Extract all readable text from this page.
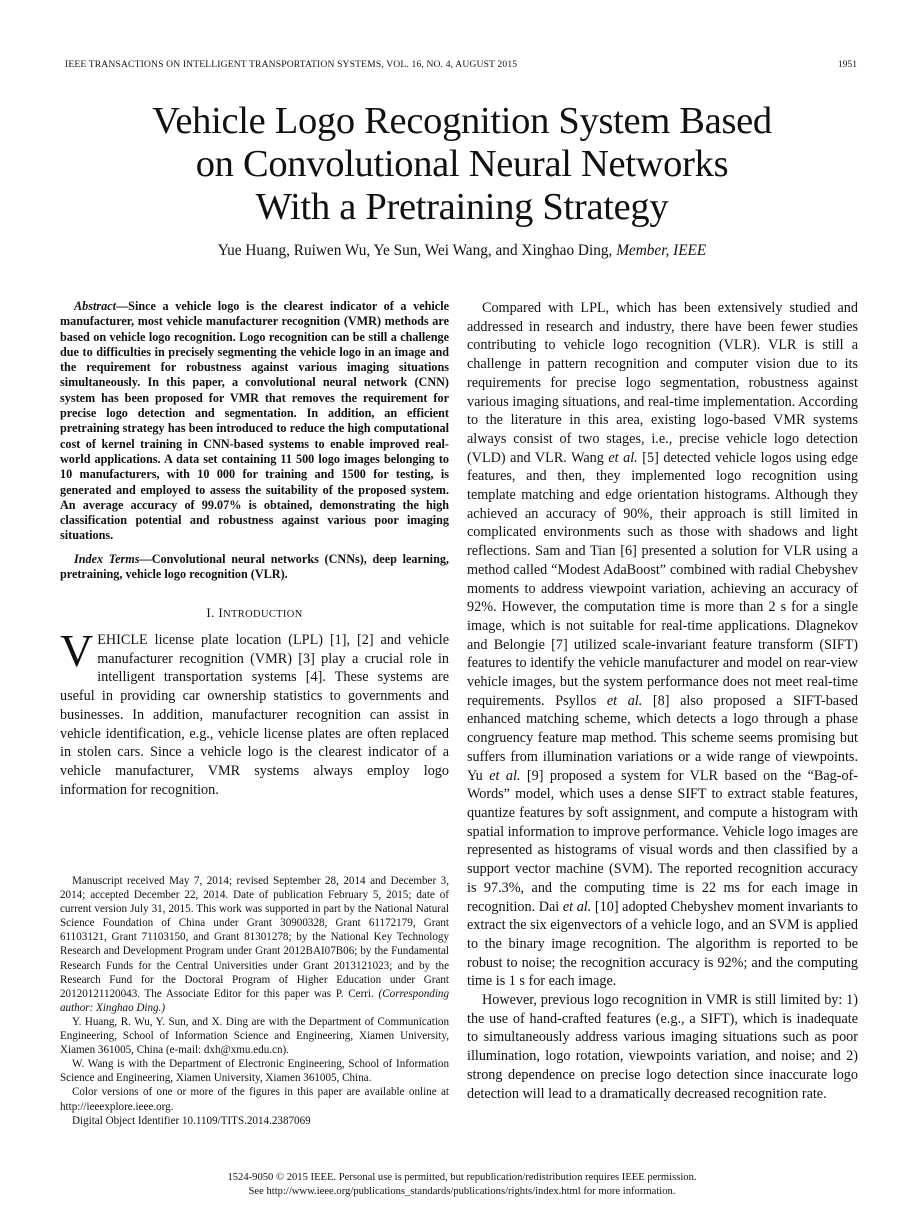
IEEE TRANSACTIONS ON INTELLIGENT TRANSPORTATION SYSTEMS, VOL. 16, NO. 4, AUGUST 2015	1951
Vehicle Logo Recognition System Based
on Convolutional Neural Networks
With a Pretraining Strategy
Yue Huang, Ruiwen Wu, Ye Sun, Wei Wang, and Xinghao Ding, Member, IEEE

Abstract—Since a vehicle logo is the clearest indicator of a vehicle manufacturer, most vehicle manufacturer recognition (VMR) methods are based on vehicle logo recognition. Logo recognition can be still a challenge due to difficulties in precisely segmenting the vehicle logo in an image and the requirement for robustness against various imaging situations simultaneously. In this paper, a convolutional neural network (CNN) system has been proposed for VMR that removes the requirement for precise logo detection and segmentation. In addition, an efficient pretraining strategy has been introduced to reduce the high computational cost of kernel training in CNN-based systems to enable improved real-world applications. A data set containing 11 500 logo images belonging to 10 manufacturers, with 10 000 for training and 1500 for testing, is generated and employed to assess the suitability of the proposed system. An average accuracy of 99.07% is obtained, demonstrating the high classification potential and robustness against various poor imaging situations.

Index Terms—Convolutional neural networks (CNNs), deep learning, pretraining, vehicle logo recognition (VLR).

I. INTRODUCTION

VEHICLE license plate location (LPL) [1], [2] and vehicle manufacturer recognition (VMR) [3] play a crucial role in intelligent transportation systems [4]. These systems are useful in providing car ownership statistics to governments and businesses. In addition, manufacturer recognition can assist in vehicle identification, e.g., vehicle license plates are often replaced in stolen cars. Since a vehicle logo is the clearest indicator of a vehicle manufacturer, VMR systems always employ logo information for recognition.

Manuscript received May 7, 2014; revised September 28, 2014 and December 3, 2014; accepted December 22, 2014. Date of publication February 5, 2015; date of current version July 31, 2015. This work was supported in part by the National Natural Science Foundation of China under Grant 30900328, Grant 61172179, Grant 61103121, Grant 71103150, and Grant 81301278; by the National Key Technology Research and Development Program under Grant 2012BAI07B06; by the Fundamental Research Funds for the Central Universities under Grant 2013121023; and by the Research Fund for the Doctoral Program of Higher Education under Grant 20120121120043. The Associate Editor for this paper was P. Cerri. (Corresponding author: Xinghao Ding.)

Y. Huang, R. Wu, Y. Sun, and X. Ding are with the Department of Communication Engineering, School of Information Science and Engineering, Xiamen University, Xiamen 361005, China (e-mail: dxh@xmu.edu.cn).

W. Wang is with the Department of Electronic Engineering, School of Information Science and Engineering, Xiamen University, Xiamen 361005, China.

Color versions of one or more of the figures in this paper are available online at http://ieeexplore.ieee.org.

Digital Object Identifier 10.1109/TITS.2014.2387069

Compared with LPL, which has been extensively studied and addressed in research and industry, there have been fewer studies contributing to vehicle logo recognition (VLR). VLR is still a challenge in pattern recognition and computer vision due to its requirements for precise logo segmentation, robustness against various imaging situations, and real-time implementation. According to the literature in this area, existing logo-based VMR systems always consist of two stages, i.e., precise vehicle logo detection (VLD) and VLR. Wang et al. [5] detected vehicle logos using edge features, and then, they implemented logo recognition using template matching and edge orientation histograms. Although they achieved an accuracy of 90%, their approach is still limited in complicated environments such as those with shadows and light reflections. Sam and Tian [6] presented a solution for VLR using a method called “Modest AdaBoost” combined with radial Chebyshev moments to address viewpoint variation, achieving an accuracy of 92%. However, the computation time is more than 2 s for a single image, which is not suitable for real-time applications. Dlagnekov and Belongie [7] utilized scale-invariant feature transform (SIFT) features to identify the vehicle manufacturer and model on rear-view vehicle images, but the system performance does not meet real-time requirements. Psyllos et al. [8] also proposed a SIFT-based enhanced matching scheme, which detects a logo through a phase congruency feature map method. This scheme seems promising but suffers from illumination variations or a wide range of viewpoints. Yu et al. [9] proposed a system for VLR based on the “Bag-of-Words” model, which uses a dense SIFT to extract stable features, quantize features by soft assignment, and compute a histogram with spatial information to improve performance. Vehicle logo images are represented as histograms of visual words and then classified by a support vector machine (SVM). The reported recognition accuracy is 97.3%, and the computing time is 22 ms for each image in recognition. Dai et al. [10] adopted Chebyshev moment invariants to extract the six eigenvectors of a vehicle logo, and an SVM is applied to the binary image recognition. The algorithm is reported to be robust to noise; the recognition accuracy is 92%; and the computing time is 1 s for each image.

However, previous logo recognition in VMR is still limited by: 1) the use of hand-crafted features (e.g., a SIFT), which is inadequate to simultaneously address various imaging situations such as poor illumination, logo rotation, viewpoints variation, and noise; and 2) strong dependence on precise logo detection since inaccurate logo detection will lead to a dramatically decreased recognition rate.

1524-9050 © 2015 IEEE. Personal use is permitted, but republication/redistribution requires IEEE permission.
See http://www.ieee.org/publications_standards/publications/rights/index.html for more information.
